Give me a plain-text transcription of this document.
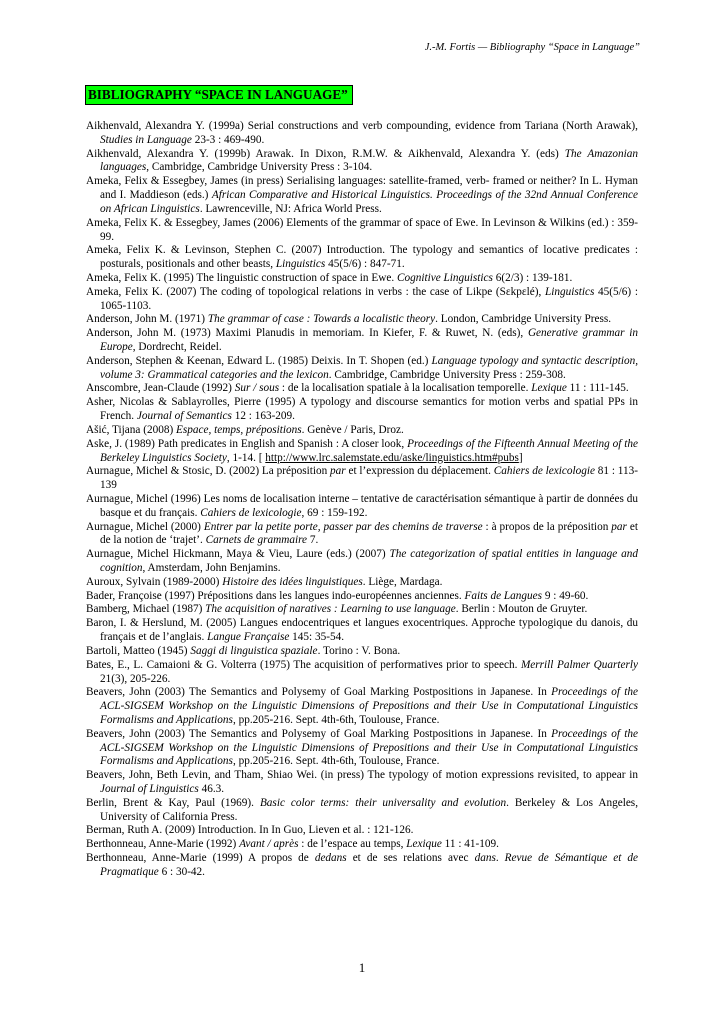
J.-M. Fortis — Bibliography “Space in Language”
BIBLIOGRAPHY “SPACE IN LANGUAGE”
Aikhenvald, Alexandra Y. (1999a) Serial constructions and verb compounding, evidence from Tariana (North Arawak), Studies in Language 23-3 : 469-490.
Aikhenvald, Alexandra Y. (1999b) Arawak. In Dixon, R.M.W. & Aikhenvald, Alexandra Y. (eds) The Amazonian languages, Cambridge, Cambridge University Press : 3-104.
Ameka, Felix & Essegbey, James (in press) Serialising languages: satellite-framed, verb- framed or neither? In L. Hyman and I. Maddieson (eds.) African Comparative and Historical Linguistics. Proceedings of the 32nd Annual Conference on African Linguistics. Lawrenceville, NJ: Africa World Press.
Ameka, Felix K. & Essegbey, James (2006) Elements of the grammar of space of Ewe. In Levinson & Wilkins (ed.) : 359-99.
Ameka, Felix K. & Levinson, Stephen C. (2007) Introduction. The typology and semantics of locative predicates : posturals, positionals and other beasts, Linguistics 45(5/6) : 847-71.
Ameka, Felix K. (1995) The linguistic construction of space in Ewe. Cognitive Linguistics 6(2/3) : 139-181.
Ameka, Felix K. (2007) The coding of topological relations in verbs : the case of Likpe (Sɛkpɛlé), Linguistics 45(5/6) : 1065-1103.
Anderson, John M. (1971) The grammar of case : Towards a localistic theory. London, Cambridge University Press.
Anderson, John M. (1973) Maximi Planudis in memoriam. In Kiefer, F. & Ruwet, N. (eds), Generative grammar in Europe, Dordrecht, Reidel.
Anderson, Stephen & Keenan, Edward L. (1985) Deixis. In T. Shopen (ed.) Language typology and syntactic description, volume 3: Grammatical categories and the lexicon. Cambridge, Cambridge University Press : 259-308.
Anscombre, Jean-Claude (1992) Sur / sous : de la localisation spatiale à la localisation temporelle. Lexique 11 : 111-145.
Asher, Nicolas & Sablayrolles, Pierre (1995) A typology and discourse semantics for motion verbs and spatial PPs in French. Journal of Semantics 12 : 163-209.
Ašić, Tijana (2008) Espace, temps, prépositions. Genève / Paris, Droz.
Aske, J. (1989) Path predicates in English and Spanish : A closer look, Proceedings of the Fifteenth Annual Meeting of the Berkeley Linguistics Society, 1-14. [ http://www.lrc.salemstate.edu/aske/linguistics.htm#pubs]
Aurnague, Michel & Stosic, D. (2002) La préposition par et l’expression du déplacement. Cahiers de lexicologie 81 : 113-139
Aurnague, Michel (1996) Les noms de localisation interne – tentative de caractérisation sémantique à partir de données du basque et du français. Cahiers de lexicologie, 69 : 159-192.
Aurnague, Michel (2000) Entrer par la petite porte, passer par des chemins de traverse : à propos de la préposition par et de la notion de ‘trajet’. Carnets de grammaire 7.
Aurnague, Michel Hickmann, Maya & Vieu, Laure (eds.) (2007) The categorization of spatial entities in language and cognition, Amsterdam, John Benjamins.
Auroux, Sylvain (1989-2000) Histoire des idées linguistiques. Liège, Mardaga.
Bader, Françoise (1997) Prépositions dans les langues indo-européennes anciennes. Faits de Langues 9 : 49-60.
Bamberg, Michael (1987) The acquisition of naratives : Learning to use language. Berlin : Mouton de Gruyter.
Baron, I. & Herslund, M. (2005) Langues endocentriques et langues exocentriques. Approche typologique du danois, du français et de l’anglais. Langue Française 145: 35-54.
Bartoli, Matteo (1945) Saggi di linguistica spaziale. Torino : V. Bona.
Bates, E., L. Camaioni & G. Volterra (1975) The acquisition of performatives prior to speech. Merrill Palmer Quarterly 21(3), 205-226.
Beavers, John (2003) The Semantics and Polysemy of Goal Marking Postpositions in Japanese. In Proceedings of the ACL-SIGSEM Workshop on the Linguistic Dimensions of Prepositions and their Use in Computational Linguistics Formalisms and Applications, pp.205-216. Sept. 4th-6th, Toulouse, France.
Beavers, John (2003) The Semantics and Polysemy of Goal Marking Postpositions in Japanese. In Proceedings of the ACL-SIGSEM Workshop on the Linguistic Dimensions of Prepositions and their Use in Computational Linguistics Formalisms and Applications, pp.205-216. Sept. 4th-6th, Toulouse, France.
Beavers, John, Beth Levin, and Tham, Shiao Wei. (in press) The typology of motion expressions revisited, to appear in Journal of Linguistics 46.3.
Berlin, Brent & Kay, Paul (1969). Basic color terms: their universality and evolution. Berkeley & Los Angeles, University of California Press.
Berman, Ruth A. (2009) Introduction. In In Guo, Lieven et al. : 121-126.
Berthonneau, Anne-Marie (1992) Avant / après : de l’espace au temps, Lexique 11 : 41-109.
Berthonneau, Anne-Marie (1999) A propos de dedans et de ses relations avec dans. Revue de Sémantique et de Pragmatique 6 : 30-42.
1
